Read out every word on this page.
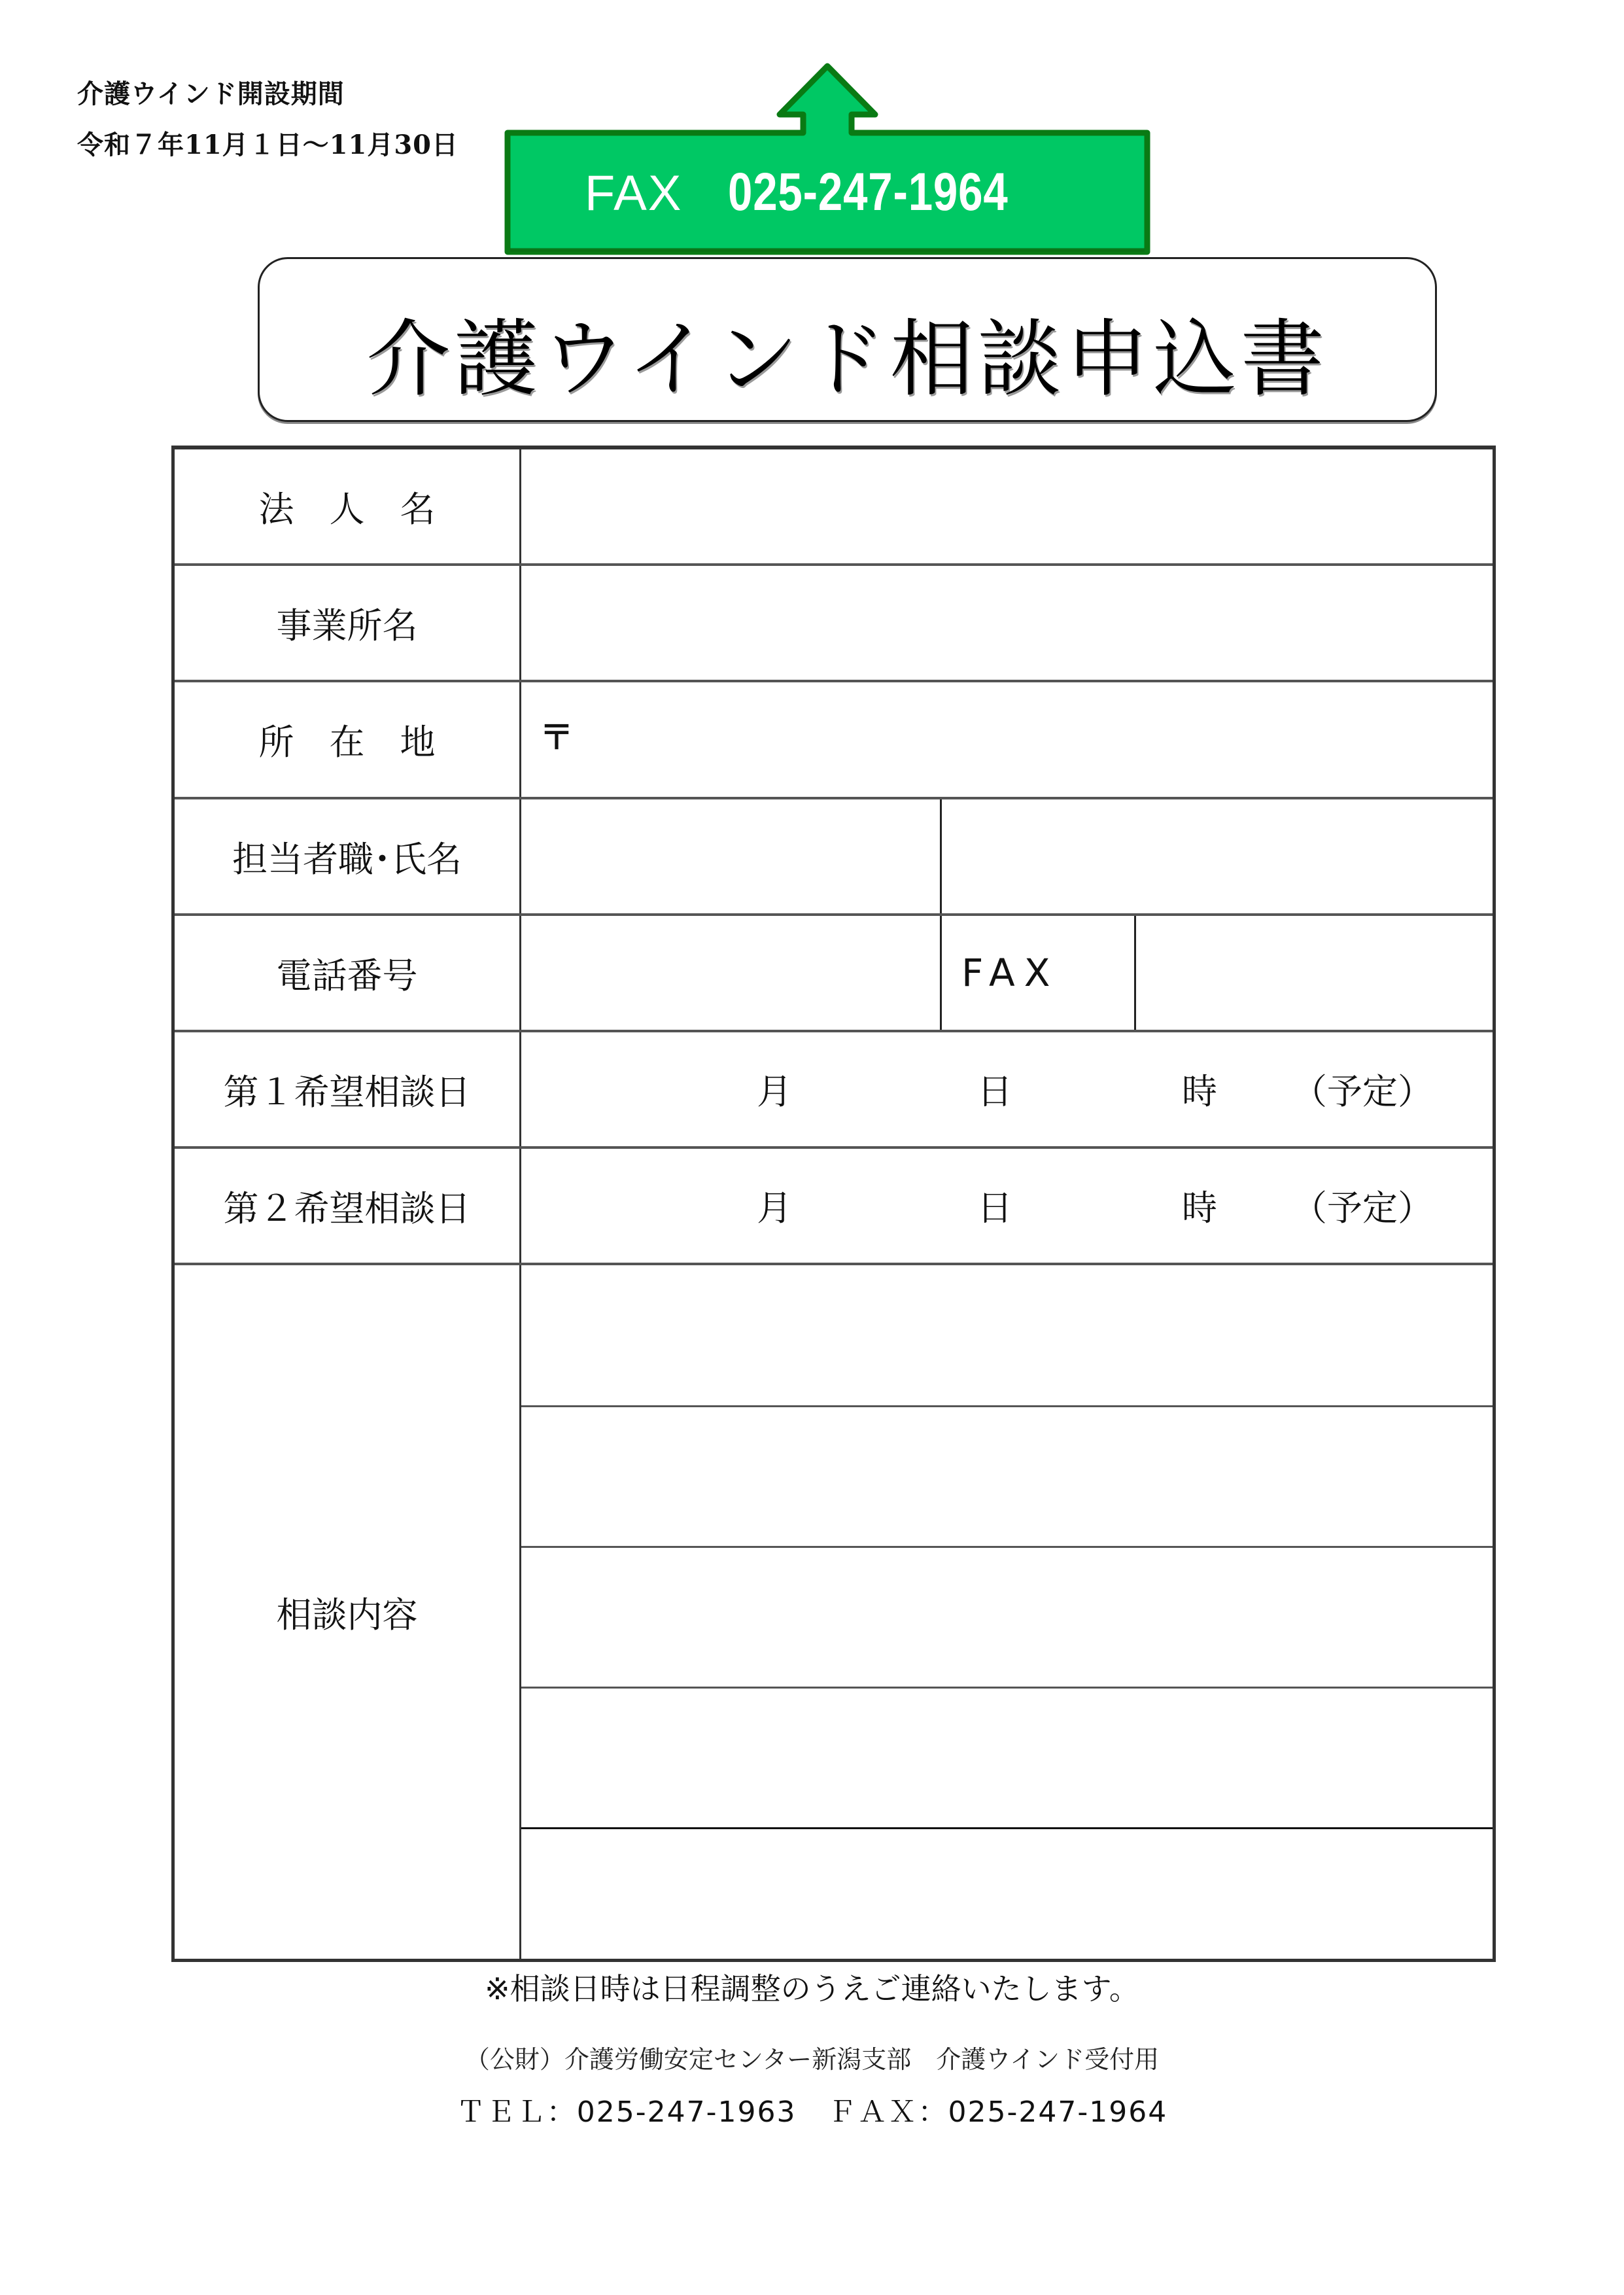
介護ウインド開設期間
令和７年11月１日～11月30日
FAX 025-247-1964
介護ウインド相談申込書
法　人　名
事業所名
所　在　地	〒
担当者職･氏名
電話番号	FAX
第１希望相談日	月	日	時 （予定）
第２希望相談日	月	日	時 （予定）
相談内容
※相談日時は日程調整のうえご連絡いたします。
（公財）介護労働安定センター新潟支部　介護ウインド受付用
ＴＥＬ：025-247-1963 ＦＡＸ：025-247-1964
